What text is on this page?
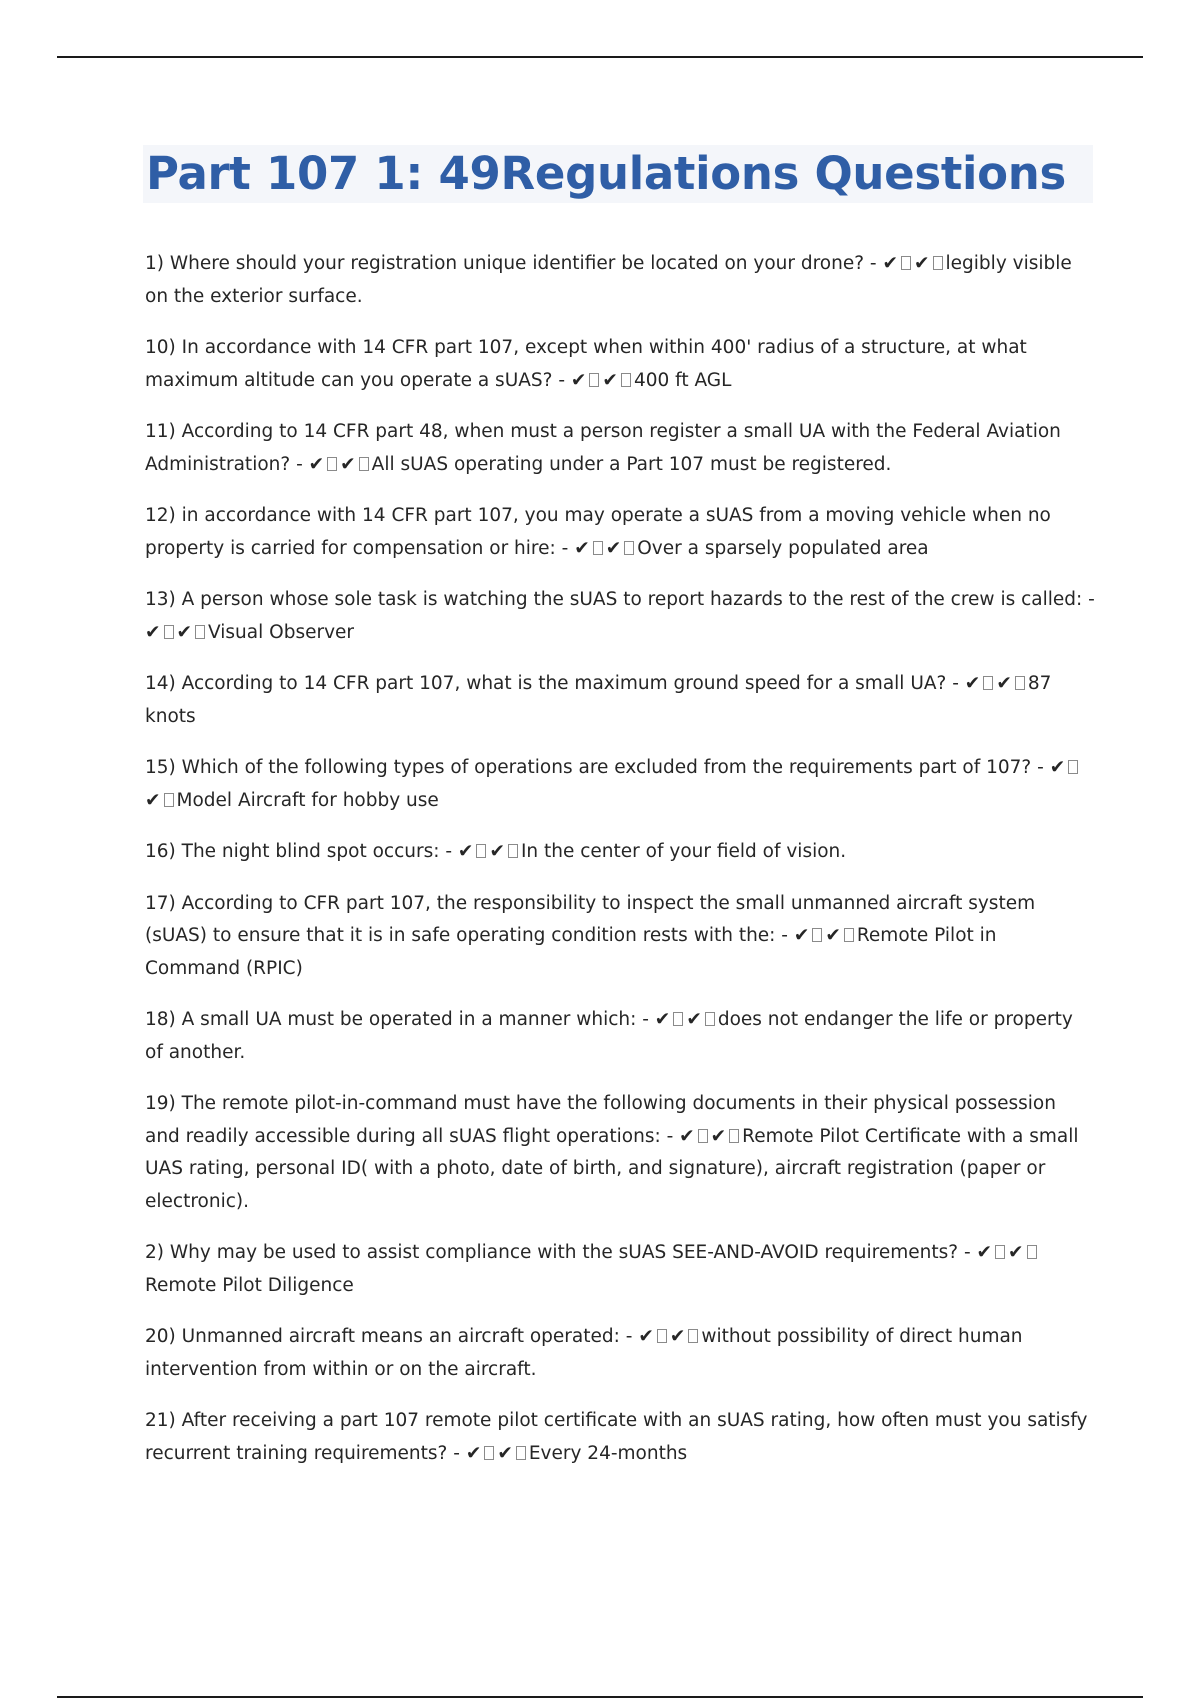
Part 107 1: 49Regulations Questions
1) Where should your registration unique identifier be located on your drone? - ✔ ✔ legibly visible on the exterior surface.
10) In accordance with 14 CFR part 107, except when within 400' radius of a structure, at what maximum altitude can you operate a sUAS? - ✔ ✔ 400 ft AGL
11) According to 14 CFR part 48, when must a person register a small UA with the Federal Aviation Administration? - ✔ ✔ All sUAS operating under a Part 107 must be registered.
12) in accordance with 14 CFR part 107, you may operate a sUAS from a moving vehicle when no property is carried for compensation or hire: - ✔ ✔ Over a sparsely populated area
13) A person whose sole task is watching the sUAS to report hazards to the rest of the crew is called: - ✔ ✔ Visual Observer
14) According to 14 CFR part 107, what is the maximum ground speed for a small UA? - ✔ ✔ 87 knots
15) Which of the following types of operations are excluded from the requirements part of 107? - ✔✔ Model Aircraft for hobby use
16) The night blind spot occurs: - ✔ ✔ In the center of your field of vision.
17) According to CFR part 107, the responsibility to inspect the small unmanned aircraft system (sUAS) to ensure that it is in safe operating condition rests with the: - ✔ ✔ Remote Pilot in Command (RPIC)
18) A small UA must be operated in a manner which: - ✔ ✔ does not endanger the life or property of another.
19) The remote pilot-in-command must have the following documents in their physical possession and readily accessible during all sUAS flight operations: - ✔ ✔ Remote Pilot Certificate with a small UAS rating, personal ID( with a photo, date of birth, and signature), aircraft registration (paper or electronic).
2) Why may be used to assist compliance with the sUAS SEE-AND-AVOID requirements? - ✔ ✔Remote Pilot Diligence
20) Unmanned aircraft means an aircraft operated: - ✔ ✔ without possibility of direct human intervention from within or on the aircraft.
21) After receiving a part 107 remote pilot certificate with an sUAS rating, how often must you satisfy recurrent training requirements? - ✔ ✔ Every 24-months
